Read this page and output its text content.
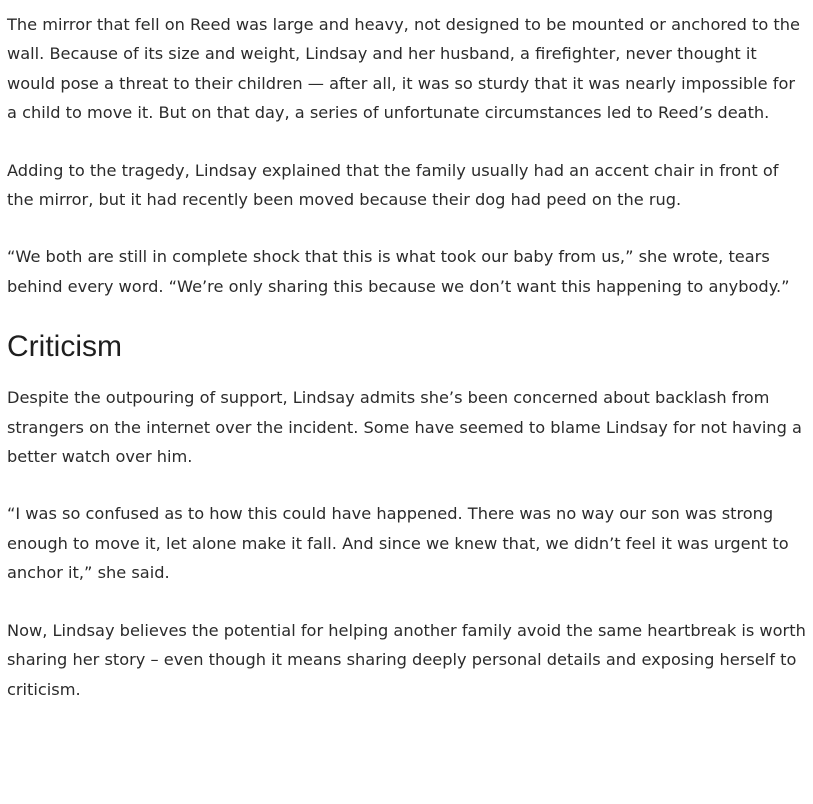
The mirror that fell on Reed was large and heavy, not designed to be mounted or anchored to the wall. Because of its size and weight, Lindsay and her husband, a firefighter, never thought it would pose a threat to their children — after all, it was so sturdy that it was nearly impossible for a child to move it. But on that day, a series of unfortunate circumstances led to Reed’s death.

Adding to the tragedy, Lindsay explained that the family usually had an accent chair in front of the mirror, but it had recently been moved because their dog had peed on the rug.

“We both are still in complete shock that this is what took our baby from us,” she wrote, tears behind every word. “We’re only sharing this because we don’t want this happening to anybody.”

Criticism

Despite the outpouring of support, Lindsay admits she’s been concerned about backlash from strangers on the internet over the incident. Some have seemed to blame Lindsay for not having a better watch over him.

“I was so confused as to how this could have happened. There was no way our son was strong enough to move it, let alone make it fall. And since we knew that, we didn’t feel it was urgent to anchor it,” she said.

Now, Lindsay believes the potential for helping another family avoid the same heartbreak is worth sharing her story – even though it means sharing deeply personal details and exposing herself to criticism.
